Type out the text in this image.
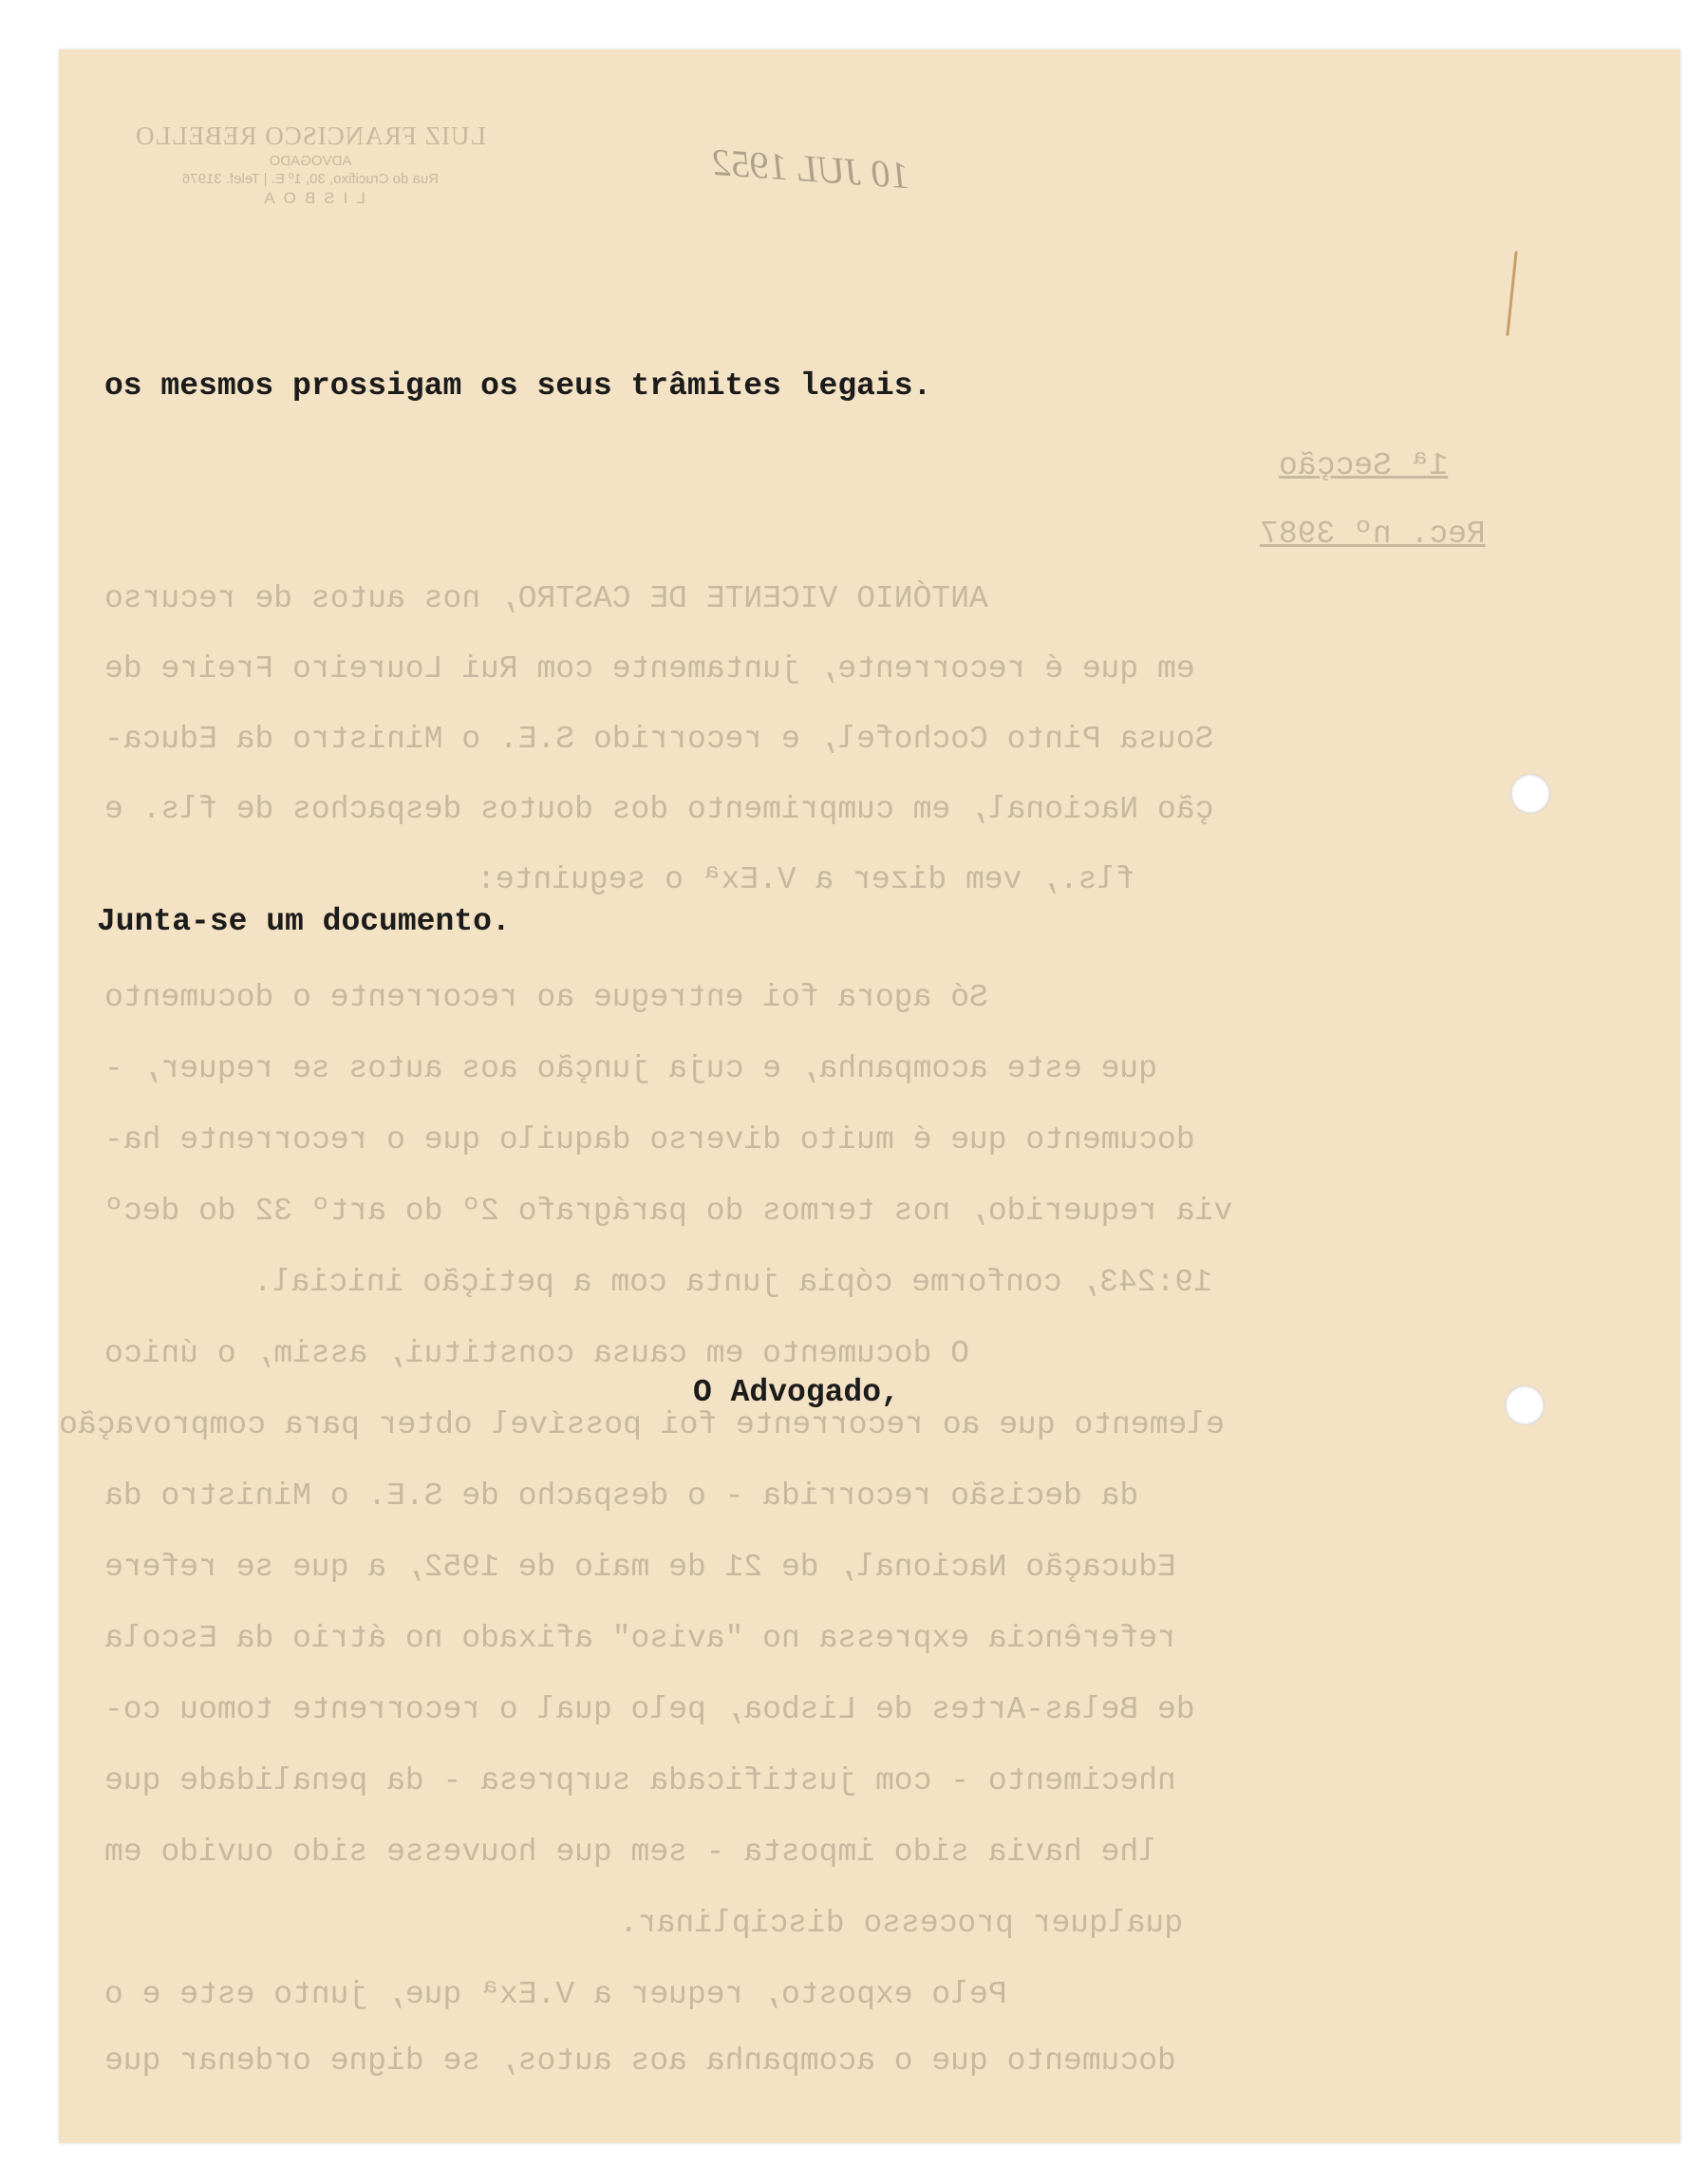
LUIZ FRANCISCO REBELLO
ADVOGADO
Rua do Crucifixo, 30, 1º E. | Telef. 31976
LISBOA
10 JUL 1952
1ª Secção
Rec. nº 3987
ANTÓNIO VICENTE DE CASTRO, nos autos de recurso
em que é recorrente, juntamente com Rui Loureiro Freire de
Sousa Pinto Cochofel, e recorrido S.E. o Ministro da Educa-
ção Nacional, em cumprimento dos doutos despachos de fls. e
fls., vem dizer a V.Exª o seguinte:
Só agora foi entregue ao recorrente o documento
que este acompanha, e cuja junção aos autos se requer, -
documento que é muito diverso daquilo que o recorrente ha-
via requerido, nos termos do parágrafo 2º do artº 32 do decº
19:243, conforme cópia junta com a petição inicial.
O documento em causa constitui, assim, o único
elemento que ao recorrente foi possível obter para comprovação
da decisão recorrida - o despacho de S.E. o Ministro da
Educação Nacional, de 21 de maio de 1952, a que se refere
referência expressa no "aviso" afixado no átrio da Escola
de Belas-Artes de Lisboa, pelo qual o recorrente tomou co-
nhecimento - com justificada surpresa - da penalidade que
lhe havia sido imposta - sem que houvesse sido ouvido em
qualquer processo disciplinar.
Pelo exposto, requer a V.Exª que, junto este e o
documento que o acompanha aos autos, se digne ordenar que
os mesmos prossigam os seus trâmites legais.
Junta-se um documento.
O Advogado,
